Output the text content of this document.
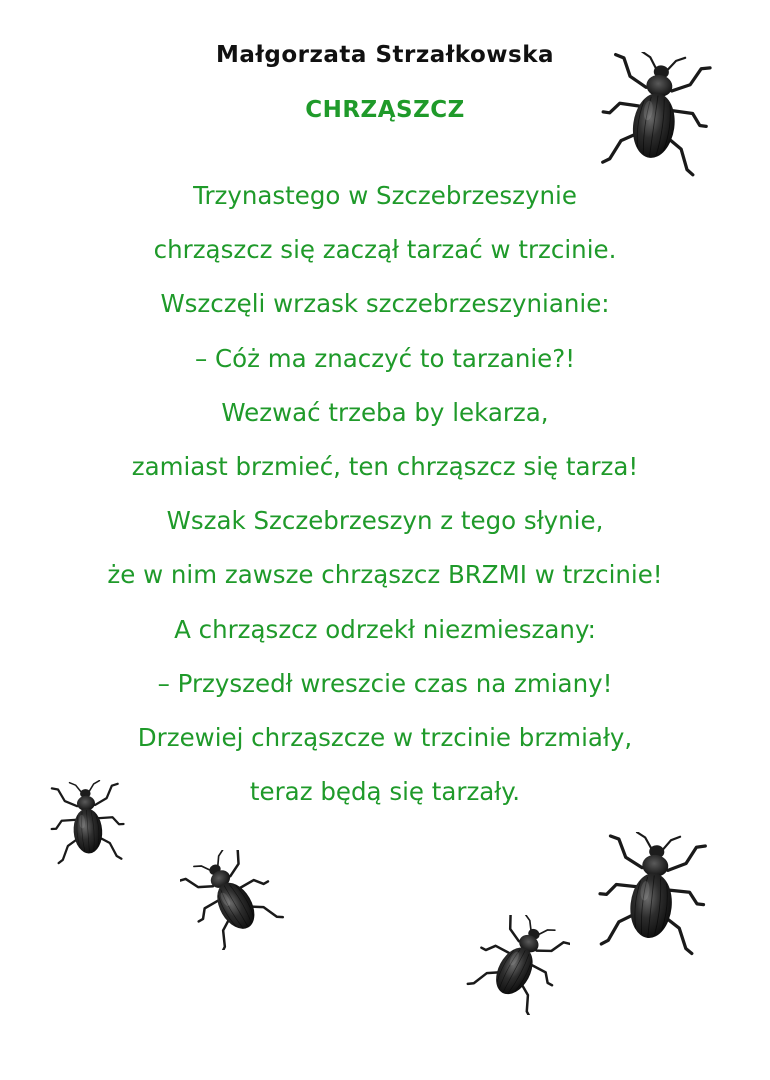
Małgorzata Strzałkowska
CHRZĄSZCZ
Trzynastego w Szczebrzeszynie
chrząszcz się zaczął tarzać w trzcinie.
Wszczęli wrzask szczebrzeszynianie:
– Cóż ma znaczyć to tarzanie?!
Wezwać trzeba by lekarza,
zamiast brzmieć, ten chrząszcz się tarza!
Wszak Szczebrzeszyn z tego słynie,
że w nim zawsze chrząszcz BRZMI w trzcinie!
A chrząszcz odrzekł niezmieszany:
– Przyszedł wreszcie czas na zmiany!
Drzewiej chrząszcze w trzcinie brzmiały,
teraz będą się tarzały.
